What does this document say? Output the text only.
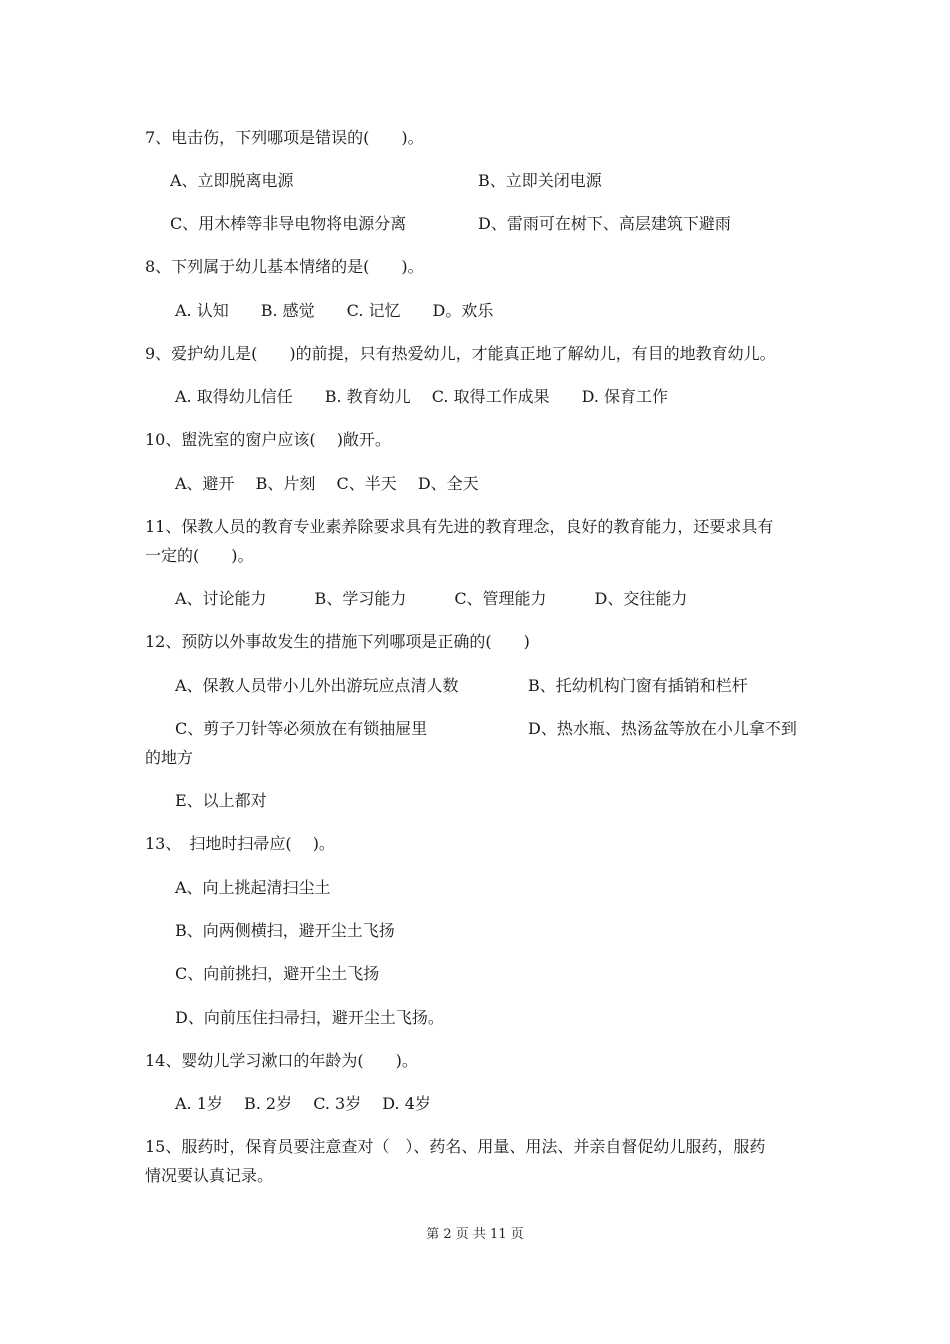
7、电击伤，下列哪项是错误的(　　)。
A、立即脱离电源	B、立即关闭电源
C、用木棒等非导电物将电源分离	D、雷雨可在树下、高层建筑下避雨
8、下列属于幼儿基本情绪的是(　　)。
A. 认知　　B. 感觉　　C. 记忆　　D。欢乐
9、爱护幼儿是(　　)的前提，只有热爱幼儿，才能真正地了解幼儿，有目的地教育幼儿。
A. 取得幼儿信任　　B. 教育幼儿　 C. 取得工作成果　　D. 保育工作
10、盥洗室的窗户应该(　 )敞开。
A、避开　 B、片刻　 C、半天　 D、全天
11、保教人员的教育专业素养除要求具有先进的教育理念，良好的教育能力，还要求具有
一定的(　　)。
A、讨论能力　　　B、学习能力　　　C、管理能力　　　D、交往能力
12、预防以外事故发生的措施下列哪项是正确的(　　)
A、保教人员带小儿外出游玩应点清人数	B、托幼机构门窗有插销和栏杆
C、剪子刀针等必须放在有锁抽屉里	D、热水瓶、热汤盆等放在小儿拿不到
的地方
E、以上都对
13、　扫地时扫帚应(　 )。
A、向上挑起清扫尘土
B、向两侧横扫，避开尘土飞扬
C、向前挑扫，避开尘土飞扬
D、向前压住扫帚扫，避开尘土飞扬。
14、婴幼儿学习漱口的年龄为(　　)。
A. 1岁　 B. 2岁　 C. 3岁　 D. 4岁
15、服药时，保育员要注意查对（　）、药名、用量、用法、并亲自督促幼儿服药，服药
情况要认真记录。
第 2 页 共 11 页
